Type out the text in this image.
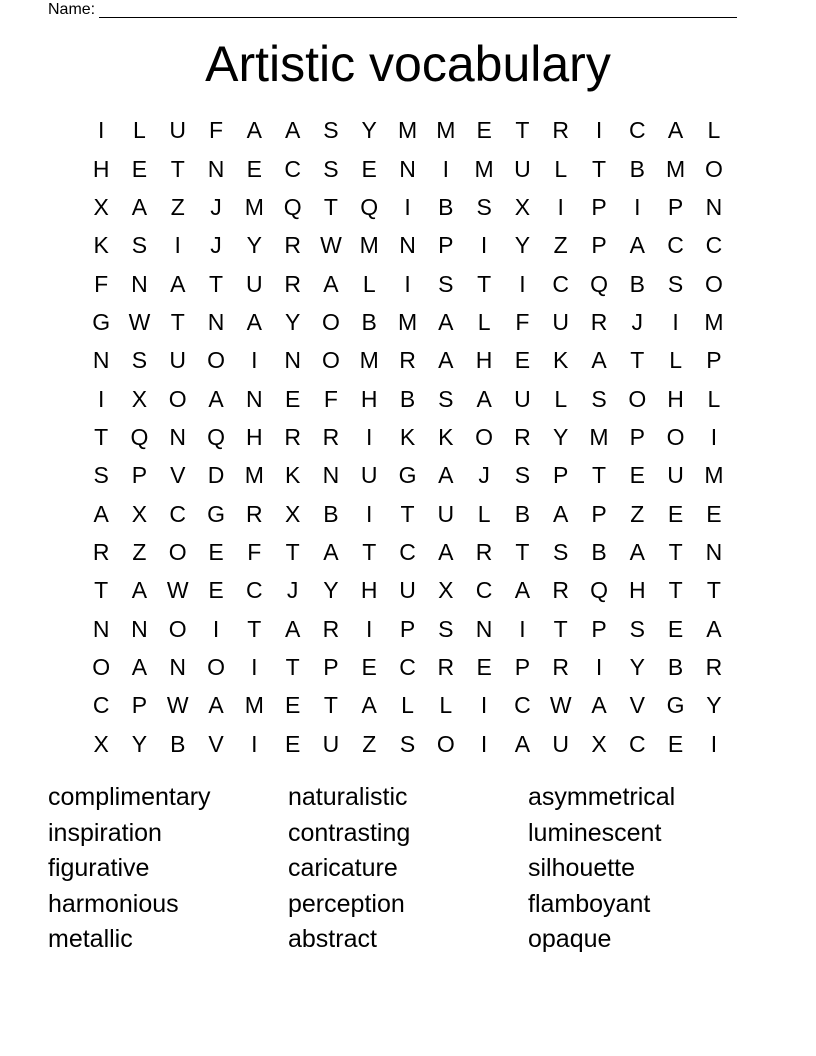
Name:
Artistic vocabulary
I	L	U F	A A S Y M M E	T R	I	C A	L
H E	T N E C S E N	I	M U	L	T	B M O
X A	Z	J M Q T Q	I	B S X	I	P	I	P N
K S	I	J	Y R W M N P	I	Y	Z	P A C C
F N A	T U R A	L	I	S	T	I	C Q B S O
G W T N A Y O B M A	L	F U R	J	I	M
N S U O	I	N O M R A H E K A	T	L	P
I	X O A N E	F H B S A U	L	S O H	L
T Q N Q H R R	I	K K O R Y M P O	I
S P V D M K N U G A	J	S P	T	E U M
A X C G R X B	I	T U	L	B A P	Z	E E
R Z O E	F	T	A	T C A R T	S B A	T N
T	A W E C	J	Y H U X C A R Q H T	T
N N O	I	T	A R	I	P S N	I	T	P S E A
O A N O	I	T	P E C R E P R	I	Y B R
C P W A M E	T	A	L	L	I	C W A V G Y
X Y B V	I	E U Z	S O	I	A U X C E	I
complimentary
inspiration
figurative
harmonious
metallic
naturalistic
contrasting
caricature
perception
abstract
asymmetrical
luminescent
silhouette
flamboyant
opaque
